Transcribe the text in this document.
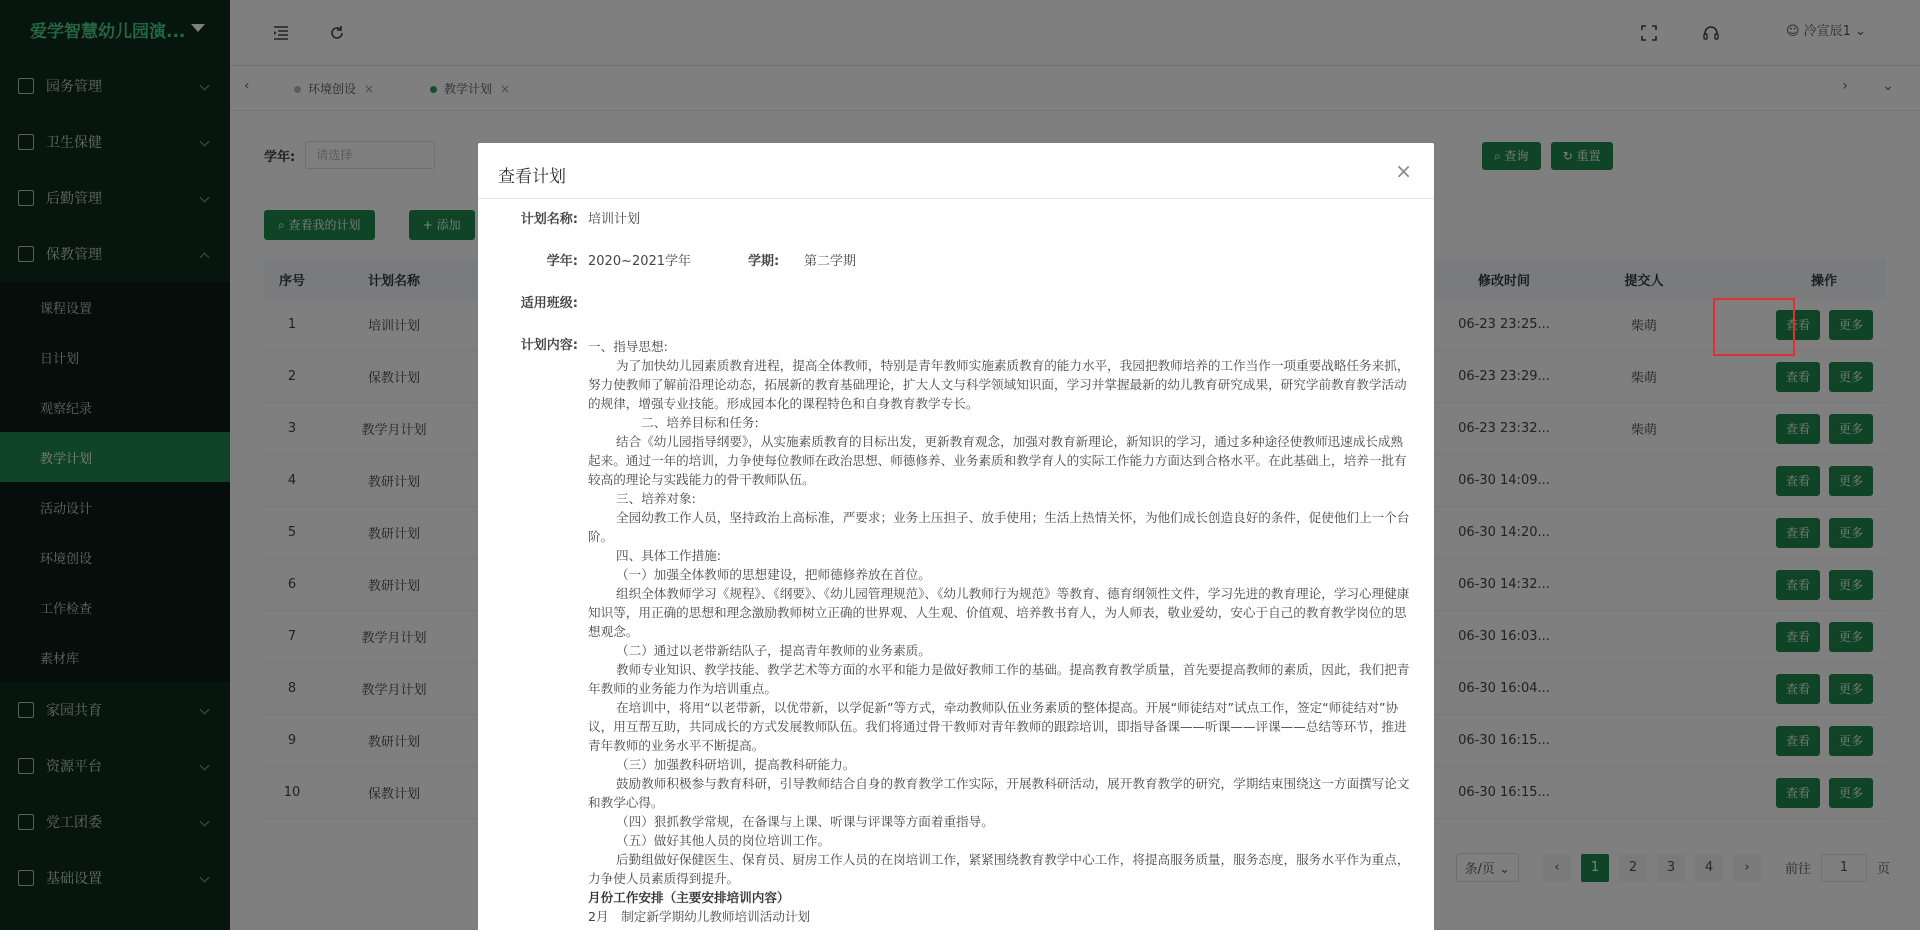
查看计划	×
计划名称: 培训计划
学年: 2020~2021学年	学期:	第二学期
适用班级:
计划内容: 一、指导思想:

为了加快幼儿园素质教育进程，提高全体教师，特别是青年教师实施素质教育的能力水平，我园把教师培养的工作当作一项重要战略任务来抓，努力使教师了解前沿理论动态，拓展新的教育基础理论，扩大人文与科学领域知识面，学习并掌握最新的幼儿教育研究成果，研究学前教育教学活动的规律，增强专业技能。形成园本化的课程特色和自身教育教学专长。

　　二、培养目标和任务:

结合《幼儿园指导纲要》，从实施素质教育的目标出发，更新教育观念，加强对教育新理论，新知识的学习，通过多种途径使教师迅速成长成熟起来。通过一年的培训，力争使每位教师在政治思想、师德修养、业务素质和教学育人的实际工作能力方面达到合格水平。在此基础上，培养一批有较高的理论与实践能力的骨干教师队伍。

三、培养对象:

全园幼教工作人员，坚持政治上高标准，严要求；业务上压担子、放手使用；生活上热情关怀，为他们成长创造良好的条件，促使他们上一个台阶。

四、具体工作措施:

（一）加强全体教师的思想建设，把师德修养放在首位。

组织全体教师学习《规程》、《纲要》、《幼儿园管理规范》、《幼儿教师行为规范》等教育、德育纲领性文件，学习先进的教育理论，学习心理健康知识等，用正确的思想和理念激励教师树立正确的世界观、人生观、价值观、培养教书育人，为人师表，敬业爱幼，安心于自己的教育教学岗位的思想观念。

（二）通过以老带新结队子，提高青年教师的业务素质。

教师专业知识、教学技能、教学艺术等方面的水平和能力是做好教师工作的基础。提高教育教学质量，首先要提高教师的素质，因此，我们把青年教师的业务能力作为培训重点。

在培训中，将用“以老带新，以优带新，以学促新”等方式，牵动教师队伍业务素质的整体提高。开展“师徒结对”试点工作，签定“师徒结对”协议，用互帮互助，共同成长的方式发展教师队伍。我们将通过骨干教师对青年教师的跟踪培训，即指导备课——听课——评课——总结等环节，推进青年教师的业务水平不断提高。

（三）加强教科研培训，提高教科研能力。

鼓励教师积极参与教育科研，引导教师结合自身的教育教学工作实际，开展教科研活动，展开教育教学的研究，学期结束围绕这一方面撰写论文和教学心得。

（四）狠抓教学常规，在备课与上课、听课与评课等方面着重指导。

（五）做好其他人员的岗位培训工作。

后勤组做好保健医生、保育员、厨房工作人员的在岗培训工作，紧紧围绕教育教学中心工作，将提高服务质量，服务态度，服务水平作为重点，力争使人员素质得到提升。

月份工作安排（主要安排培训内容）

2月　制定新学期幼儿教师培训活动计划
